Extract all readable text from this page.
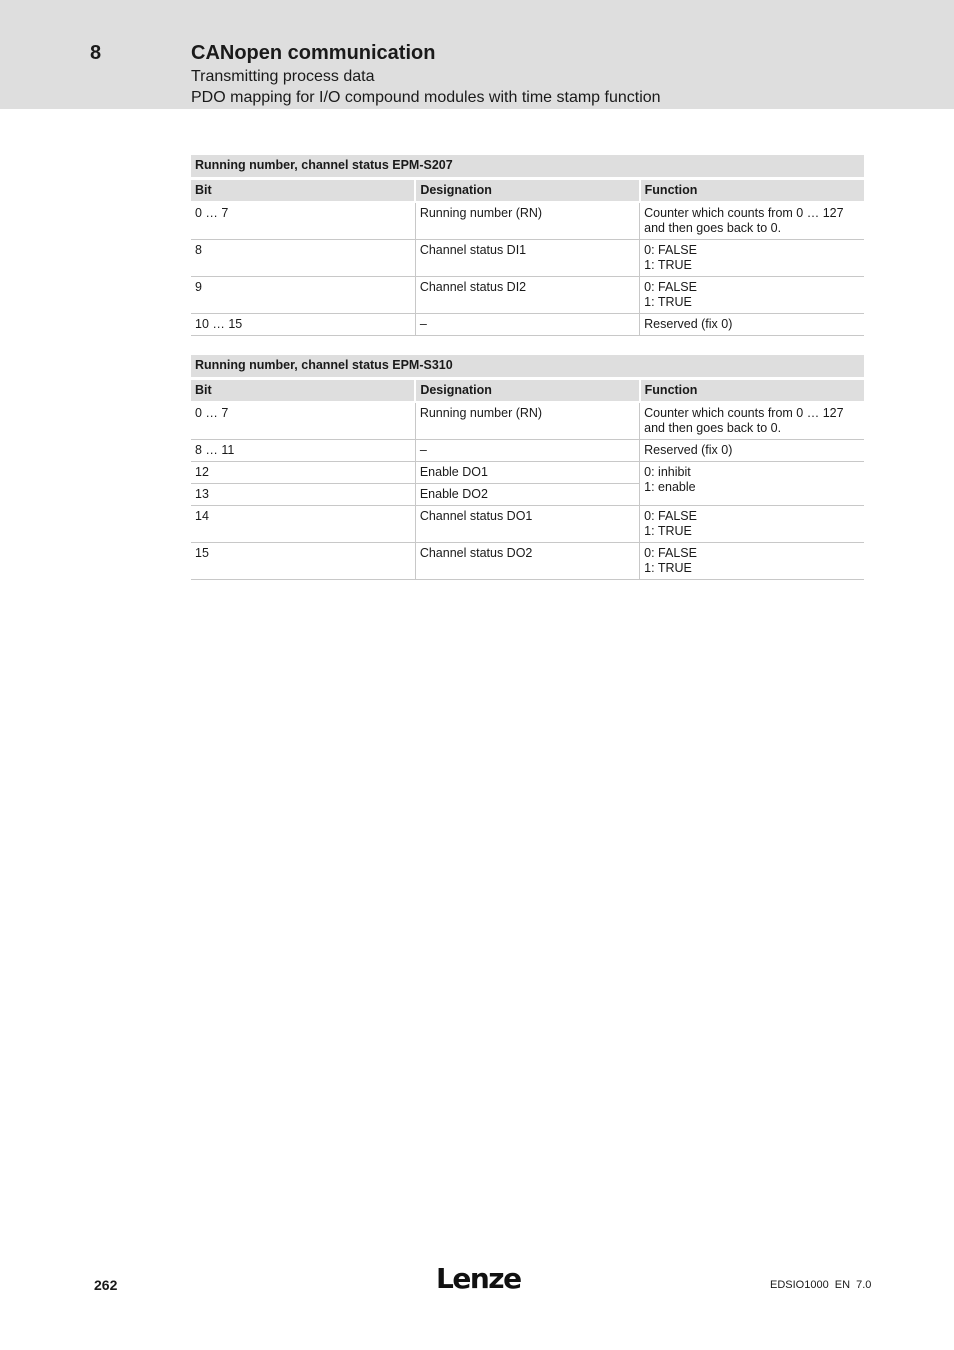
8	CANopen communication
Transmitting process data
PDO mapping for I/O compound modules with time stamp function
Running number, channel status EPM-S207		
Bit	Designation	Function
0 … 7	Running number (RN)	Counter which counts from 0 … 127 and then goes back to 0.
8	Channel status DI1	0: FALSE
1: TRUE

9	Channel status DI2	0: FALSE
1: TRUE

10 … 15	–	Reserved (fix 0)
Running number, channel status EPM-S310		
Bit	Designation	Function
0 … 7	Running number (RN)	Counter which counts from 0 … 127 and then goes back to 0.
8 … 11	–	Reserved (fix 0)
12	Enable DO1	0: inhibit
1: enable

13	Enable DO2	
14	Channel status DO1	0: FALSE
1: TRUE

15	Channel status DO2	0: FALSE
1: TRUE
262	Lenze	EDSIO1000 EN 7.0
